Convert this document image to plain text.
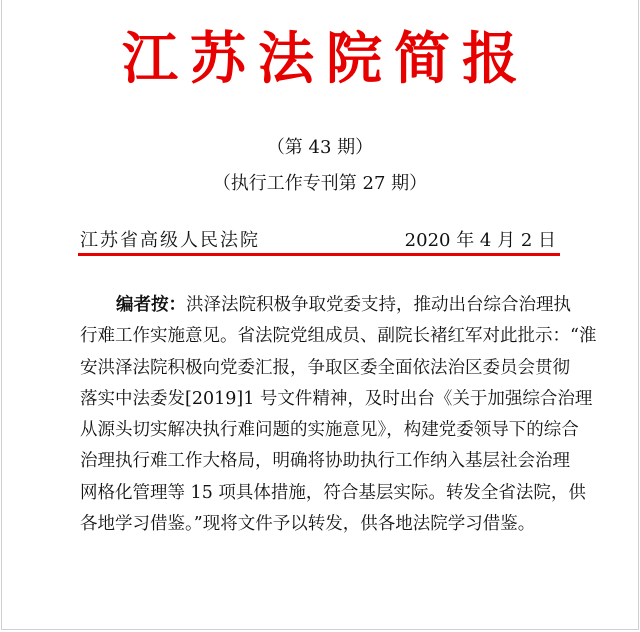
江苏法院简报
（第 43 期）
（执行工作专刊第 27 期）
江苏省高级人民法院	2020 年 4 月 2 日
编者按：洪泽法院积极争取党委支持，推动出台综合治理执
行难工作实施意见。省法院党组成员、副院长褚红军对此批示：“淮
安洪泽法院积极向党委汇报，争取区委全面依法治区委员会贯彻
落实中法委发[2019]1 号文件精神，及时出台《关于加强综合治理
从源头切实解决执行难问题的实施意见》，构建党委领导下的综合
治理执行难工作大格局，明确将协助执行工作纳入基层社会治理
网格化管理等 15 项具体措施，符合基层实际。转发全省法院，供
各地学习借鉴。”现将文件予以转发，供各地法院学习借鉴。
